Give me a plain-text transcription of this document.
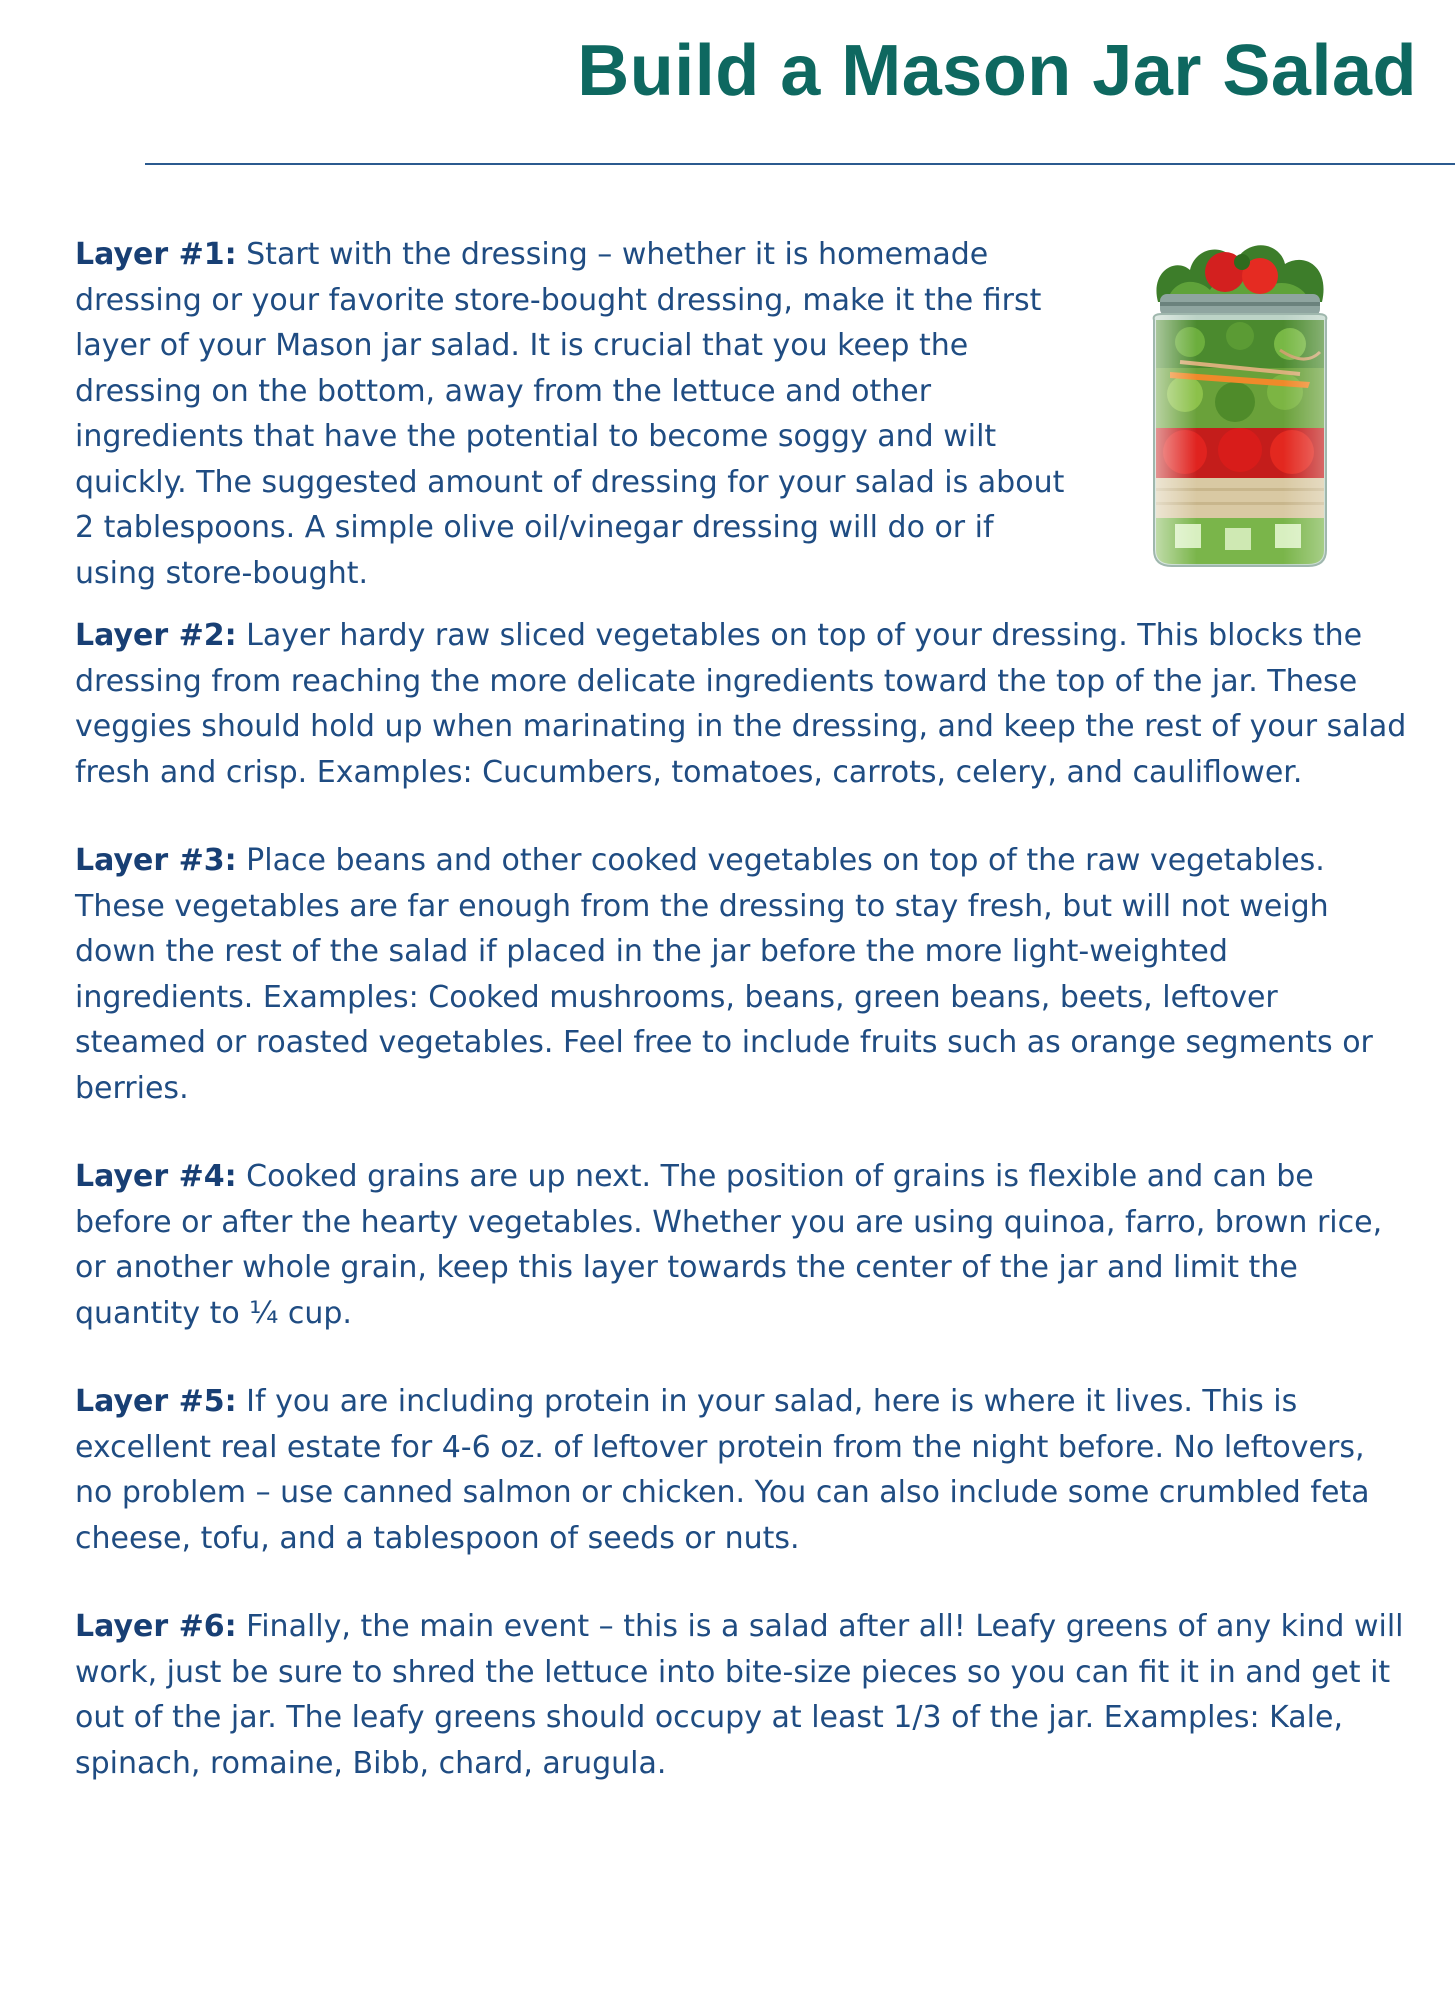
Build a Mason Jar Salad

Layer #1: Start with the dressing – whether it is homemade dressing or your favorite store-bought dressing, make it the first layer of your Mason jar salad. It is crucial that you keep the dressing on the bottom, away from the lettuce and other ingredients that have the potential to become soggy and wilt quickly. The suggested amount of dressing for your salad is about 2 tablespoons. A simple olive oil/vinegar dressing will do or if using store-bought.

Layer #2: Layer hardy raw sliced vegetables on top of your dressing. This blocks the dressing from reaching the more delicate ingredients toward the top of the jar. These veggies should hold up when marinating in the dressing, and keep the rest of your salad fresh and crisp. Examples: Cucumbers, tomatoes, carrots, celery, and cauliflower.

Layer #3: Place beans and other cooked vegetables on top of the raw vegetables. These vegetables are far enough from the dressing to stay fresh, but will not weigh down the rest of the salad if placed in the jar before the more light-weighted ingredients. Examples: Cooked mushrooms, beans, green beans, beets, leftover steamed or roasted vegetables. Feel free to include fruits such as orange segments or berries.

Layer #4: Cooked grains are up next. The position of grains is flexible and can be before or after the hearty vegetables. Whether you are using quinoa, farro, brown rice, or another whole grain, keep this layer towards the center of the jar and limit the quantity to ¼ cup.

Layer #5: If you are including protein in your salad, here is where it lives. This is excellent real estate for 4-6 oz. of leftover protein from the night before. No leftovers, no problem – use canned salmon or chicken. You can also include some crumbled feta cheese, tofu, and a tablespoon of seeds or nuts.

Layer #6: Finally, the main event – this is a salad after all! Leafy greens of any kind will work, just be sure to shred the lettuce into bite-size pieces so you can fit it in and get it out of the jar. The leafy greens should occupy at least 1/3 of the jar. Examples: Kale, spinach, romaine, Bibb, chard, arugula.
